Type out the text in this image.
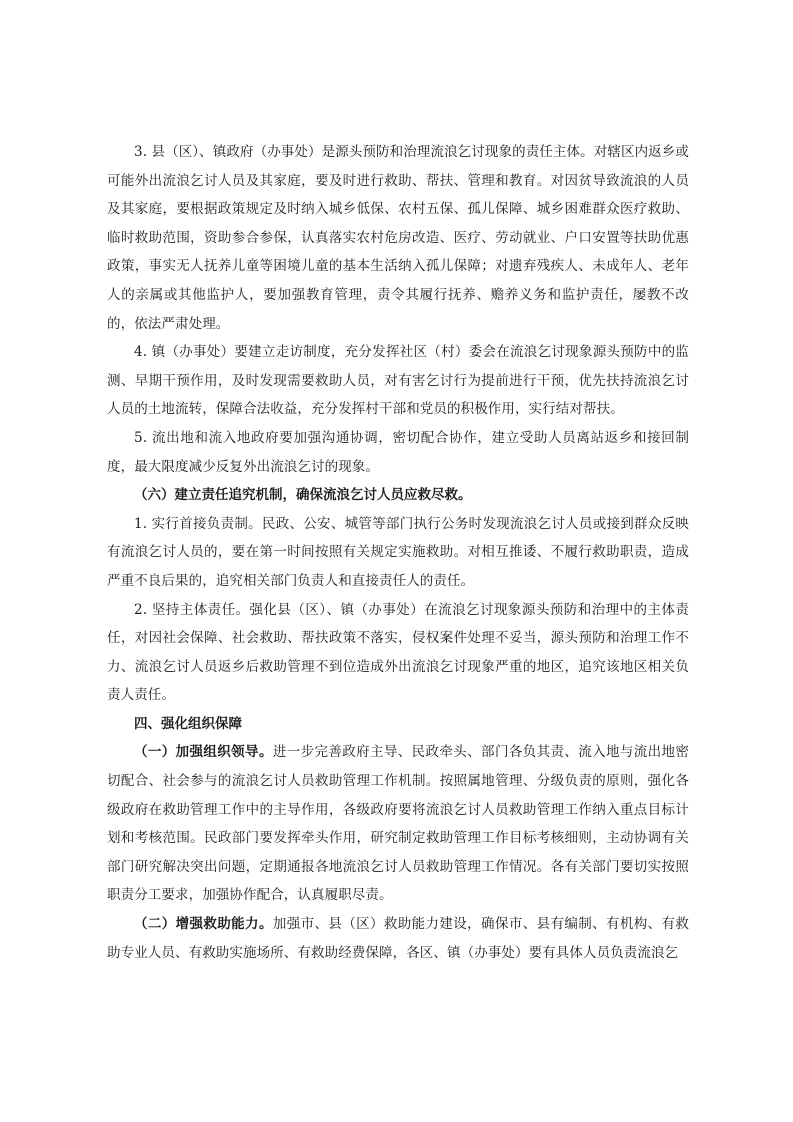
3. 县（区）、镇政府（办事处）是源头预防和治理流浪乞讨现象的责任主体。对辖区内返乡或可能外出流浪乞讨人员及其家庭，要及时进行救助、帮扶、管理和教育。对因贫导致流浪的人员及其家庭，要根据政策规定及时纳入城乡低保、农村五保、孤儿保障、城乡困难群众医疗救助、临时救助范围，资助参合参保，认真落实农村危房改造、医疗、劳动就业、户口安置等扶助优惠政策，事实无人抚养儿童等困境儿童的基本生活纳入孤儿保障；对遗弃残疾人、未成年人、老年人的亲属或其他监护人，要加强教育管理，责令其履行抚养、赡养义务和监护责任，屡教不改的，依法严肃处理。

4. 镇（办事处）要建立走访制度，充分发挥社区（村）委会在流浪乞讨现象源头预防中的监测、早期干预作用，及时发现需要救助人员，对有害乞讨行为提前进行干预，优先扶持流浪乞讨人员的土地流转，保障合法收益，充分发挥村干部和党员的积极作用，实行结对帮扶。

5. 流出地和流入地政府要加强沟通协调，密切配合协作，建立受助人员离站返乡和接回制度，最大限度减少反复外出流浪乞讨的现象。

（六）建立责任追究机制，确保流浪乞讨人员应救尽救。

1. 实行首接负责制。民政、公安、城管等部门执行公务时发现流浪乞讨人员或接到群众反映有流浪乞讨人员的，要在第一时间按照有关规定实施救助。对相互推诿、不履行救助职责，造成严重不良后果的，追究相关部门负责人和直接责任人的责任。

2. 坚持主体责任。强化县（区）、镇（办事处）在流浪乞讨现象源头预防和治理中的主体责任，对因社会保障、社会救助、帮扶政策不落实，侵权案件处理不妥当，源头预防和治理工作不力、流浪乞讨人员返乡后救助管理不到位造成外出流浪乞讨现象严重的地区，追究该地区相关负责人责任。

四、强化组织保障

（一）加强组织领导。进一步完善政府主导、民政牵头、部门各负其责、流入地与流出地密切配合、社会参与的流浪乞讨人员救助管理工作机制。按照属地管理、分级负责的原则，强化各级政府在救助管理工作中的主导作用，各级政府要将流浪乞讨人员救助管理工作纳入重点目标计划和考核范围。民政部门要发挥牵头作用，研究制定救助管理工作目标考核细则，主动协调有关部门研究解决突出问题，定期通报各地流浪乞讨人员救助管理工作情况。各有关部门要切实按照职责分工要求，加强协作配合，认真履职尽责。

（二）增强救助能力。加强市、县（区）救助能力建设，确保市、县有编制、有机构、有救助专业人员、有救助实施场所、有救助经费保障，各区、镇（办事处）要有具体人员负责流浪乞
